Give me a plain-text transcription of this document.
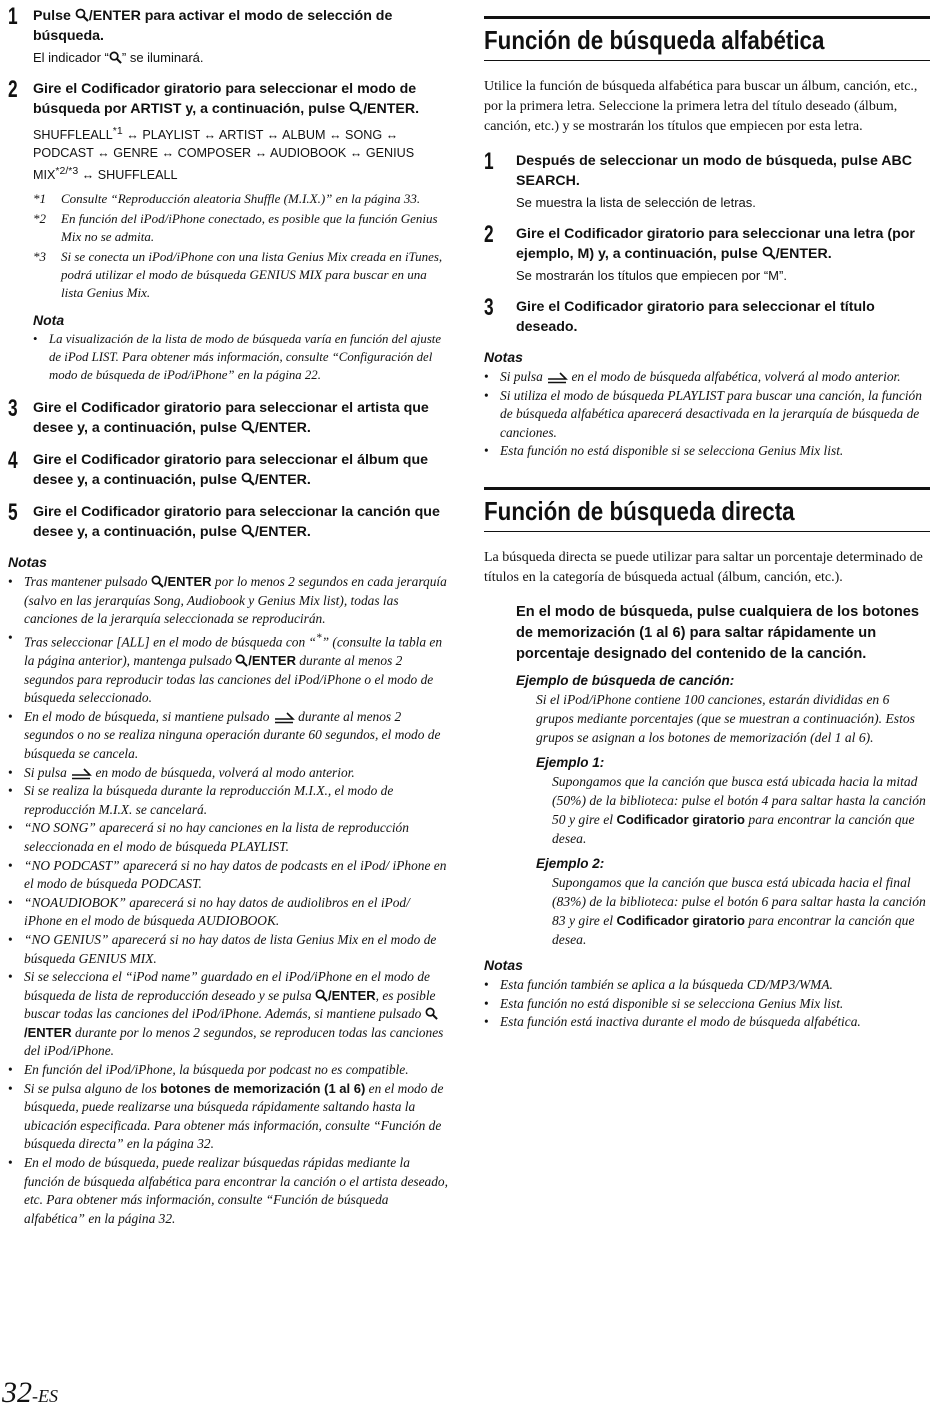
1 Pulse /ENTER para activar el modo de selección de búsqueda.
El indicador “ ” se iluminará.
2 Gire el Codificador giratorio para seleccionar el modo de búsqueda por ARTIST y, a continuación, pulse /ENTER.
SHUFFLEALL$^{*1}$ ↔ PLAYLIST ↔ ARTIST ↔ ALBUM ↔ SONG ↔ PODCAST ↔ GENRE ↔ COMPOSER ↔ AUDIOBOOK ↔ GENIUS $MIX^{*2/*3}$ ↔ SHUFFLEALL
*1 Consulte “Reproducción aleatoria Shuffle (M.I.X.)” en la página 33.
*2 En función del iPod/iPhone conectado, es posible que la función Genius Mix no se admita.
*3 Si se conecta un iPod/iPhone con una lista Genius Mix creada en iTunes, podrá utilizar el modo de búsqueda GENIUS MIX para buscar en una lista Genius Mix.
Nota
• La visualización de la lista de modo de búsqueda varía en función del ajuste de iPod LIST. Para obtener más información, consulte “Configuración del modo de búsqueda de iPod/iPhone” en la página 22.
3 Gire el Codificador giratorio para seleccionar el artista que desee y, a continuación, pulse /ENTER.
4 Gire el Codificador giratorio para seleccionar el álbum que desee y, a continuación, pulse /ENTER.
5 Gire el Codificador giratorio para seleccionar la canción que desee y, a continuación, pulse /ENTER.
Notas
• Tras mantener pulsado /ENTER por lo menos 2 segundos en cada jerarquía (salvo en las jerarquías Song, Audiobook y Genius Mix list), todas las canciones de la jerarquía seleccionada se reproducirán.
• Tras seleccionar [ALL] en el modo de búsqueda con “*” (consulte la tabla en la página anterior), mantenga pulsado /ENTER durante al menos 2 segundos para reproducir todas las canciones del iPod/iPhone o el modo de búsqueda seleccionado.
• En el modo de búsqueda, si mantiene pulsado  durante al menos 2 segundos o no se realiza ninguna operación durante 60 segundos, el modo de búsqueda se cancela.
• Si pulsa  en modo de búsqueda, volverá al modo anterior.
• Si se realiza la búsqueda durante la reproducción M.I.X., el modo de reproducción M.I.X. se cancelará.
• “NO SONG” aparecerá si no hay canciones en la lista de reproducción seleccionada en el modo de búsqueda PLAYLIST.
• “NO PODCAST” aparecerá si no hay datos de podcasts en el iPod/ iPhone en el modo de búsqueda PODCAST.
• “NOAUDIOBOK” aparecerá si no hay datos de audiolibros en el iPod/ iPhone en el modo de búsqueda AUDIOBOOK.
• “NO GENIUS” aparecerá si no hay datos de lista Genius Mix en el modo de búsqueda GENIUS MIX.
• Si se selecciona el “iPod name” guardado en el iPod/iPhone en el modo de búsqueda de lista de reproducción deseado y se pulsa /ENTER, es posible buscar todas las canciones del iPod/iPhone. Además, si mantiene pulsado /ENTER durante por lo menos 2 segundos, se reproducen todas las canciones del iPod/iPhone.
• En función del iPod/iPhone, la búsqueda por podcast no es compatible.
• Si se pulsa alguno de los botones de memorización (1 al 6) en el modo de búsqueda, puede realizarse una búsqueda rápidamente saltando hasta la ubicación especificada. Para obtener más información, consulte “Función de búsqueda directa” en la página 32.
• En el modo de búsqueda, puede realizar búsquedas rápidas mediante la función de búsqueda alfabética para encontrar la canción o el artista deseado, etc. Para obtener más información, consulte “Función de búsqueda alfabética” en la página 32.
Función de búsqueda alfabética
Utilice la función de búsqueda alfabética para buscar un álbum, canción, etc., por la primera letra. Seleccione la primera letra del título deseado (álbum, canción, etc.) y se mostrarán los títulos que empiecen por esta letra.
1 Después de seleccionar un modo de búsqueda, pulse ABC SEARCH.
Se muestra la lista de selección de letras.
2 Gire el Codificador giratorio para seleccionar una letra (por ejemplo, M) y, a continuación, pulse /ENTER.
Se mostrarán los títulos que empiecen por “M”.
3 Gire el Codificador giratorio para seleccionar el título deseado.
Notas
• Si pulsa  en el modo de búsqueda alfabética, volverá al modo anterior.
• Si utiliza el modo de búsqueda PLAYLIST para buscar una canción, la función de búsqueda alfabética aparecerá desactivada en la jerarquía de búsqueda de canciones.
• Esta función no está disponible si se selecciona Genius Mix list.
Función de búsqueda directa
La búsqueda directa se puede utilizar para saltar un porcentaje determinado de títulos en la categoría de búsqueda actual (álbum, canción, etc.).
En el modo de búsqueda, pulse cualquiera de los botones de memorización (1 al 6) para saltar rápidamente un porcentaje designado del contenido de la canción.
Ejemplo de búsqueda de canción:
Si el iPod/iPhone contiene 100 canciones, estarán divididas en 6 grupos mediante porcentajes (que se muestran a continuación). Estos grupos se asignan a los botones de memorización (del 1 al 6).
Ejemplo 1:
Supongamos que la canción que busca está ubicada hacia la mitad (50%) de la biblioteca: pulse el botón 4 para saltar hasta la canción 50 y gire el Codificador giratorio para encontrar la canción que desea.
Ejemplo 2:
Supongamos que la canción que busca está ubicada hacia el final (83%) de la biblioteca: pulse el botón 6 para saltar hasta la canción 83 y gire el Codificador giratorio para encontrar la canción que desea.
Notas
• Esta función también se aplica a la búsqueda CD/MP3/WMA.
• Esta función no está disponible si se selecciona Genius Mix list.
• Esta función está inactiva durante el modo de búsqueda alfabética.
32-ES
